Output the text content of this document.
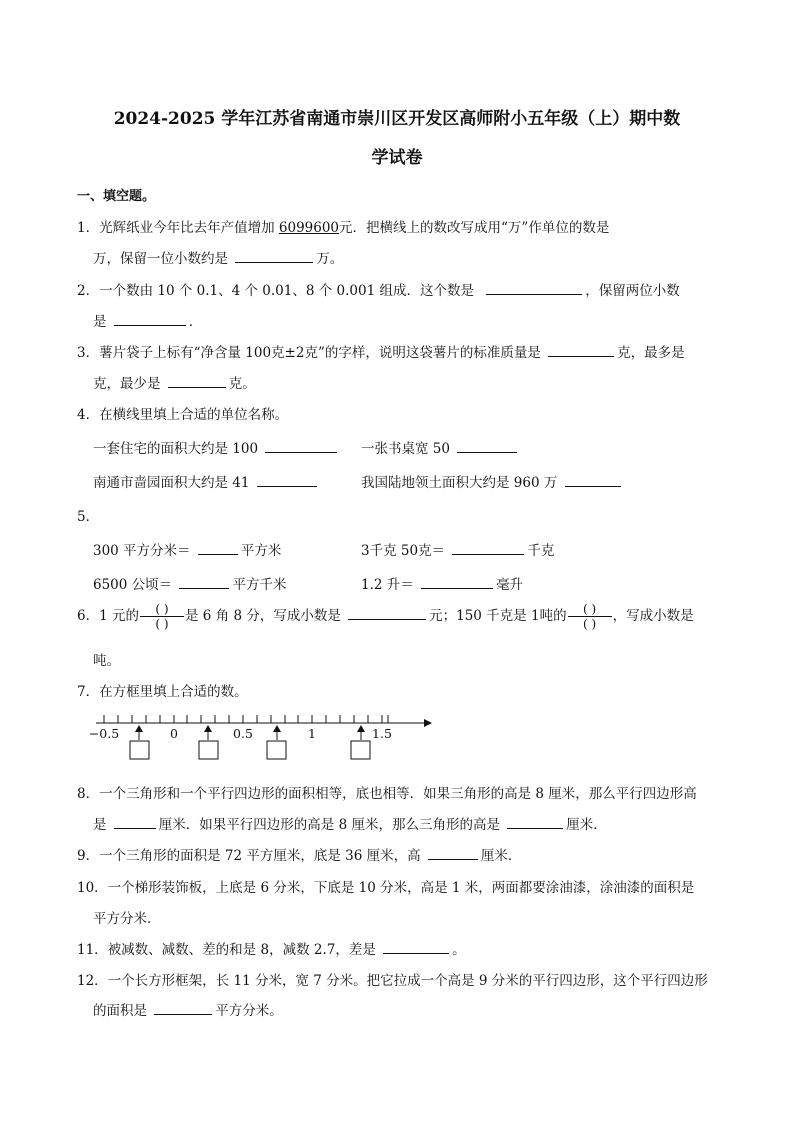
2024-2025 学年江苏省南通市崇川区开发区高师附小五年级（上）期中数
学试卷
一、填空题。
1．光辉纸业今年比去年产值增加 6099600元．把横线上的数改写成用“万”作单位的数是
万，保留一位小数约是	万。
2．一个数由 10 个 0.1、4 个 0.01、8 个 0.001 组成．这个数是	，保留两位小数
是	．
3．薯片袋子上标有“净含量 100克±2克”的字样，说明这袋薯片的标准质量是	克，最多是
克，最少是	克。
4．在横线里填上合适的单位名称。
一套住宅的面积大约是 100	一张书桌宽 50
南通市啬园面积大约是 41	我国陆地领土面积大约是 960 万
5．
300 平方分米＝	平方米	3千克 50克＝	千克
6500 公顷＝	平方千米	1.2 升＝	毫升
6．1 元的 $\frac{( )}{( )}$ 是 6 角 8 分，写成小数是	元；150 千克是 1吨的 $\frac{( )}{( )}$ ，写成小数是
吨。
7．在方框里填上合适的数。
−0.5	0	0.5	1	1.5
8．一个三角形和一个平行四边形的面积相等，底也相等．如果三角形的高是 8 厘米，那么平行四边形高
是	厘米．如果平行四边形的高是 8 厘米，那么三角形的高是	厘米．
9．一个三角形的面积是 72 平方厘米，底是 36 厘米，高	厘米．
10．一个梯形装饰板，上底是 6 分米，下底是 10 分米，高是 1 米，两面都要涂油漆，涂油漆的面积是
平方分米．
11．被减数、减数、差的和是 8，减数 2.7，差是	。
12．一个长方形框架，长 11 分米，宽 7 分米。把它拉成一个高是 9 分米的平行四边形，这个平行四边形
的面积是	平方分米。
